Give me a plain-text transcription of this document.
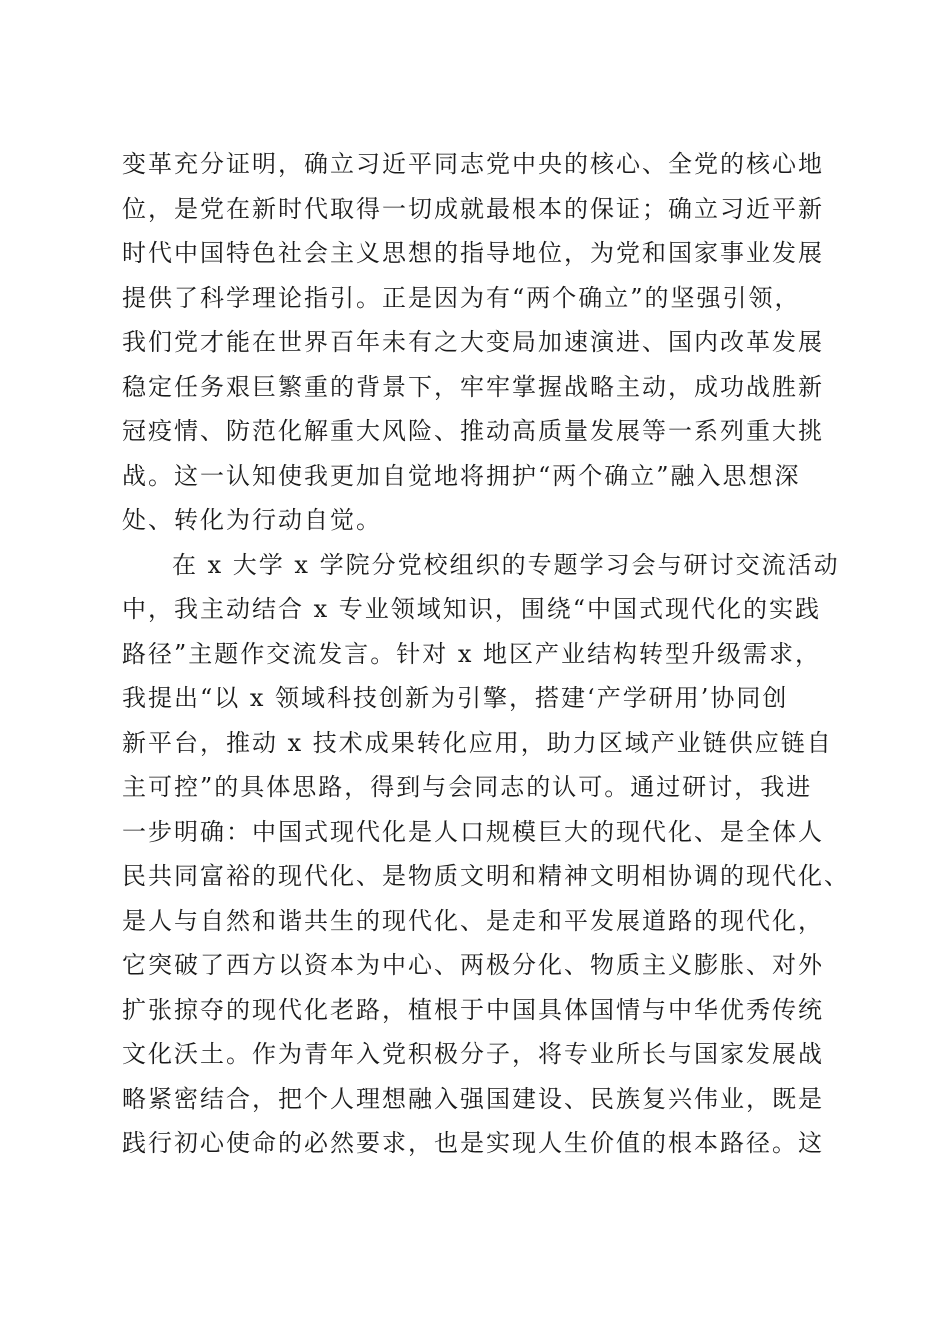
变革充分证明，确立习近平同志党中央的核心、全党的核心地
位，是党在新时代取得一切成就最根本的保证；确立习近平新
时代中国特色社会主义思想的指导地位，为党和国家事业发展
提供了科学理论指引。正是因为有“两个确立”的坚强引领，
我们党才能在世界百年未有之大变局加速演进、国内改革发展
稳定任务艰巨繁重的背景下，牢牢掌握战略主动，成功战胜新
冠疫情、防范化解重大风险、推动高质量发展等一系列重大挑
战。这一认知使我更加自觉地将拥护“两个确立”融入思想深
处、转化为行动自觉。
在 x 大学 x 学院分党校组织的专题学习会与研讨交流活动
中，我主动结合 x 专业领域知识，围绕“中国式现代化的实践
路径”主题作交流发言。针对 x 地区产业结构转型升级需求，
我提出“以 x 领域科技创新为引擎，搭建‘产学研用’协同创
新平台，推动 x 技术成果转化应用，助力区域产业链供应链自
主可控”的具体思路，得到与会同志的认可。通过研讨，我进
一步明确：中国式现代化是人口规模巨大的现代化、是全体人
民共同富裕的现代化、是物质文明和精神文明相协调的现代化、
是人与自然和谐共生的现代化、是走和平发展道路的现代化，
它突破了西方以资本为中心、两极分化、物质主义膨胀、对外
扩张掠夺的现代化老路，植根于中国具体国情与中华优秀传统
文化沃土。作为青年入党积极分子，将专业所长与国家发展战
略紧密结合，把个人理想融入强国建设、民族复兴伟业，既是
践行初心使命的必然要求，也是实现人生价值的根本路径。这
